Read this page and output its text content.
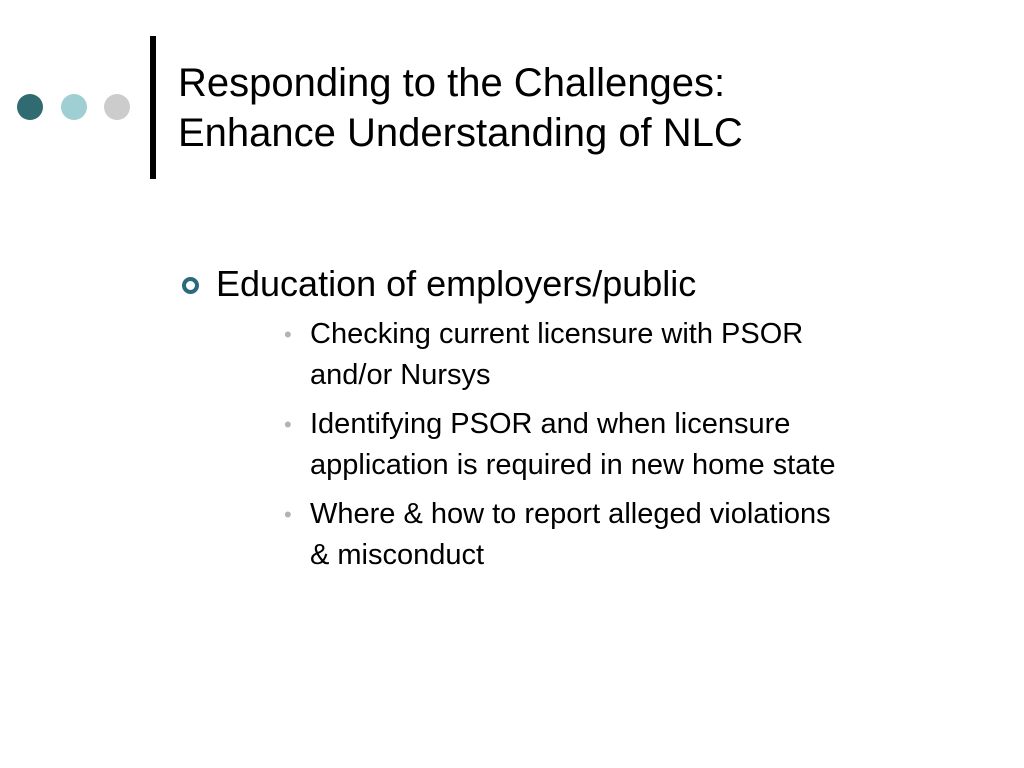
Responding to the Challenges:
Enhance Understanding of NLC
Education of employers/public
• Checking current licensure with PSOR
and/or Nursys
• Identifying PSOR and when licensure
application is required in new home state
• Where & how to report alleged violations
& misconduct
